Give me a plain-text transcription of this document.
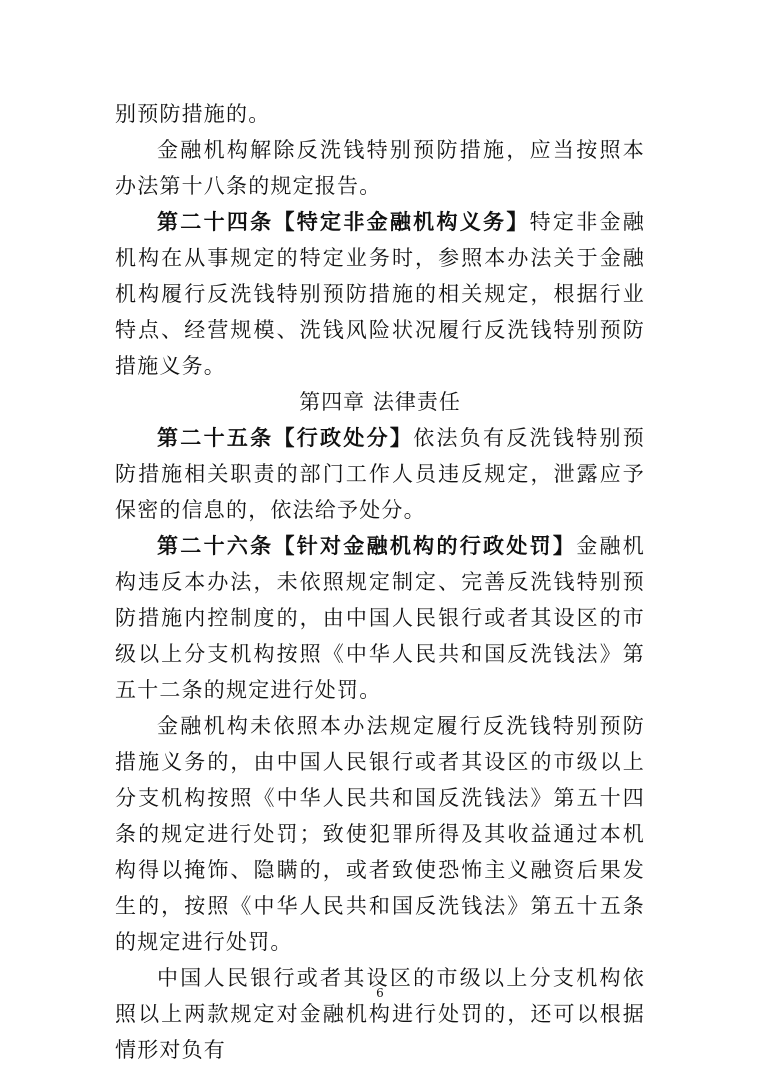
别预防措施的。

金融机构解除反洗钱特别预防措施，应当按照本办法第十八条的规定报告。

第二十四条【特定非金融机构义务】特定非金融机构在从事规定的特定业务时，参照本办法关于金融机构履行反洗钱特别预防措施的相关规定，根据行业特点、经营规模、洗钱风险状况履行反洗钱特别预防措施义务。

第四章 法律责任

第二十五条【行政处分】依法负有反洗钱特别预防措施相关职责的部门工作人员违反规定，泄露应予保密的信息的，依法给予处分。

第二十六条【针对金融机构的行政处罚】金融机构违反本办法，未依照规定制定、完善反洗钱特别预防措施内控制度的，由中国人民银行或者其设区的市级以上分支机构按照《中华人民共和国反洗钱法》第五十二条的规定进行处罚。

金融机构未依照本办法规定履行反洗钱特别预防措施义务的，由中国人民银行或者其设区的市级以上分支机构按照《中华人民共和国反洗钱法》第五十四条的规定进行处罚；致使犯罪所得及其收益通过本机构得以掩饰、隐瞒的，或者致使恐怖主义融资后果发生的，按照《中华人民共和国反洗钱法》第五十五条的规定进行处罚。

中国人民银行或者其设区的市级以上分支机构依照以上两款规定对金融机构进行处罚的，还可以根据情形对负有

6
